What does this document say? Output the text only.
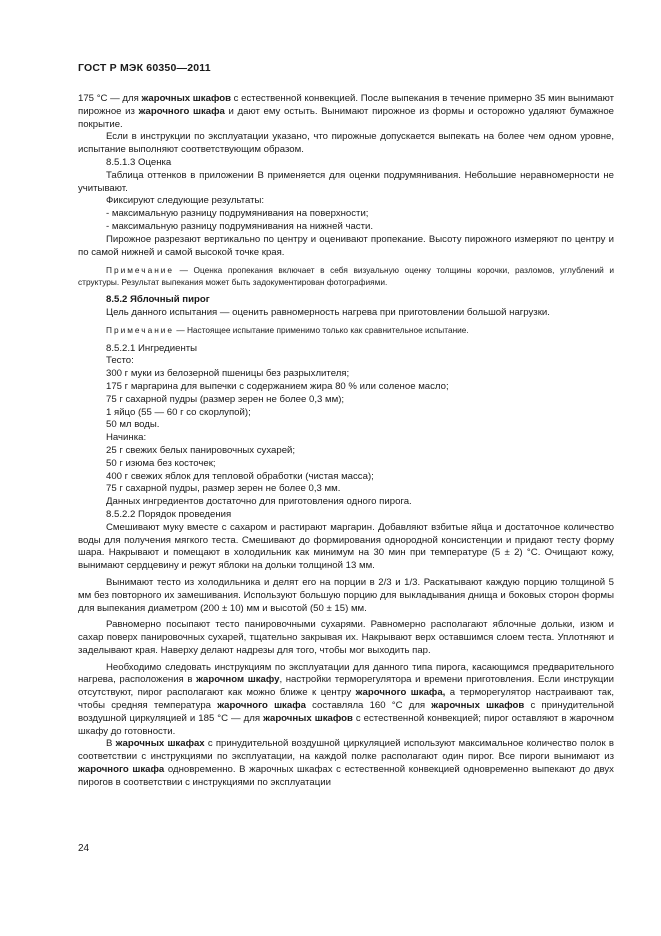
ГОСТ Р МЭК 60350—2011

175 °С — для жарочных шкафов с естественной конвекцией. После выпекания в течение примерно 35 мин вынимают пирожное из жарочного шкафа и дают ему остыть. Вынимают пирожное из формы и осторожно удаляют бумажное покрытие.

Если в инструкции по эксплуатации указано, что пирожные допускается выпекать на более чем одном уровне, испытание выполняют соответствующим образом.

8.5.1.3 Оценка

Таблица оттенков в приложении В применяется для оценки подрумянивания. Небольшие неравномерности не учитывают.

Фиксируют следующие результаты:

- максимальную разницу подрумянивания на поверхности;

- максимальную разницу подрумянивания на нижней части.

Пирожное разрезают вертикально по центру и оценивают пропекание. Высоту пирожного измеряют по центру и по самой нижней и самой высокой точке края.

Примечание — Оценка пропекания включает в себя визуальную оценку толщины корочки, разломов, углублений и структуры. Результат выпекания может быть задокументирован фотографиями.

8.5.2 Яблочный пирог

Цель данного испытания — оценить равномерность нагрева при приготовлении большой нагрузки.

Примечание — Настоящее испытание применимо только как сравнительное испытание.

8.5.2.1 Ингредиенты

Тесто:

300 г муки из белозерной пшеницы без разрыхлителя;

175 г маргарина для выпечки с содержанием жира 80 % или соленое масло;

75 г сахарной пудры (размер зерен не более 0,3 мм);

1 яйцо (55 — 60 г со скорлупой);

50 мл воды.

Начинка:

25 г свежих белых панировочных сухарей;

50 г изюма без косточек;

400 г свежих яблок для тепловой обработки (чистая масса);

75 г сахарной пудры, размер зерен не более 0,3 мм.

Данных ингредиентов достаточно для приготовления одного пирога.

8.5.2.2 Порядок проведения

Смешивают муку вместе с сахаром и растирают маргарин. Добавляют взбитые яйца и достаточное количество воды для получения мягкого теста. Смешивают до формирования однородной консистенции и придают тесту форму шара. Накрывают и помещают в холодильник как минимум на 30 мин при температуре (5 ± 2) °С. Очищают кожу, вынимают сердцевину и режут яблоки на дольки толщиной 13 мм.

Вынимают тесто из холодильника и делят его на порции в 2/3 и 1/3. Раскатывают каждую порцию толщиной 5 мм без повторного их замешивания. Используют большую порцию для выкладывания днища и боковых сторон формы для выпекания диаметром (200 ± 10) мм и высотой (50 ± 15) мм.

Равномерно посыпают тесто панировочными сухарями. Равномерно располагают яблочные дольки, изюм и сахар поверх панировочных сухарей, тщательно закрывая их. Накрывают верх оставшимся слоем теста. Уплотняют и заделывают края. Наверху делают надрезы для того, чтобы мог выходить пар.

Необходимо следовать инструкциям по эксплуатации для данного типа пирога, касающимся предварительного нагрева, расположения в жарочном шкафу, настройки терморегулятора и времени приготовления. Если инструкции отсутствуют, пирог располагают как можно ближе к центру жарочного шкафа, а терморегулятор настраивают так, чтобы средняя температура жарочного шкафа составляла 160 °С для жарочных шкафов с принудительной воздушной циркуляцией и 185 °С — для жарочных шкафов с естественной конвекцией; пирог оставляют в жарочном шкафу до готовности.

В жарочных шкафах с принудительной воздушной циркуляцией используют максимальное количество полок в соответствии с инструкциями по эксплуатации, на каждой полке располагают один пирог. Все пироги вынимают из жарочного шкафа одновременно. В жарочных шкафах с естественной конвекцией одновременно выпекают до двух пирогов в соответствии с инструкциями по эксплуатации

24
